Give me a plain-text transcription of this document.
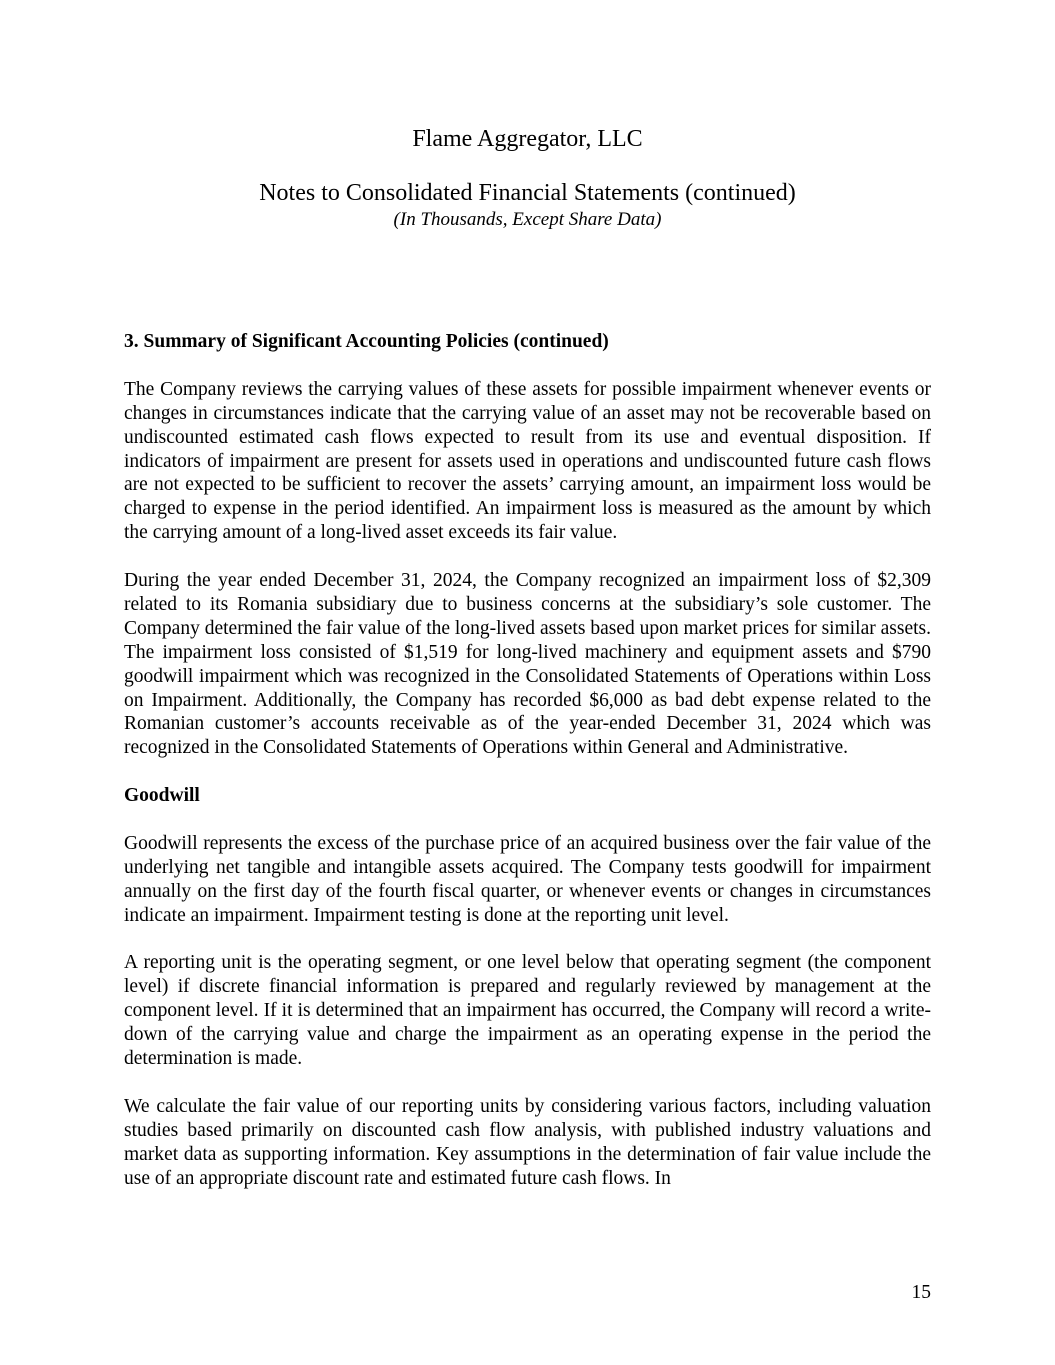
Flame Aggregator, LLC
Notes to Consolidated Financial Statements (continued)
(In Thousands, Except Share Data)

3. Summary of Significant Accounting Policies (continued)

The Company reviews the carrying values of these assets for possible impairment whenever events or changes in circumstances indicate that the carrying value of an asset may not be recoverable based on undiscounted estimated cash flows expected to result from its use and eventual disposition. If indicators of impairment are present for assets used in operations and undiscounted future cash flows are not expected to be sufficient to recover the assets’ carrying amount, an impairment loss would be charged to expense in the period identified. An impairment loss is measured as the amount by which the carrying amount of a long-lived asset exceeds its fair value.

During the year ended December 31, 2024, the Company recognized an impairment loss of $2,309 related to its Romania subsidiary due to business concerns at the subsidiary’s sole customer. The Company determined the fair value of the long-lived assets based upon market prices for similar assets. The impairment loss consisted of $1,519 for long-lived machinery and equipment assets and $790 goodwill impairment which was recognized in the Consolidated Statements of Operations within Loss on Impairment. Additionally, the Company has recorded $6,000 as bad debt expense related to the Romanian customer’s accounts receivable as of the year-ended December 31, 2024 which was recognized in the Consolidated Statements of Operations within General and Administrative.

Goodwill

Goodwill represents the excess of the purchase price of an acquired business over the fair value of the underlying net tangible and intangible assets acquired. The Company tests goodwill for impairment annually on the first day of the fourth fiscal quarter, or whenever events or changes in circumstances indicate an impairment. Impairment testing is done at the reporting unit level.

A reporting unit is the operating segment, or one level below that operating segment (the component level) if discrete financial information is prepared and regularly reviewed by management at the component level. If it is determined that an impairment has occurred, the Company will record a write-down of the carrying value and charge the impairment as an operating expense in the period the determination is made.

We calculate the fair value of our reporting units by considering various factors, including valuation studies based primarily on discounted cash flow analysis, with published industry valuations and market data as supporting information. Key assumptions in the determination of fair value include the use of an appropriate discount rate and estimated future cash flows. In

15
